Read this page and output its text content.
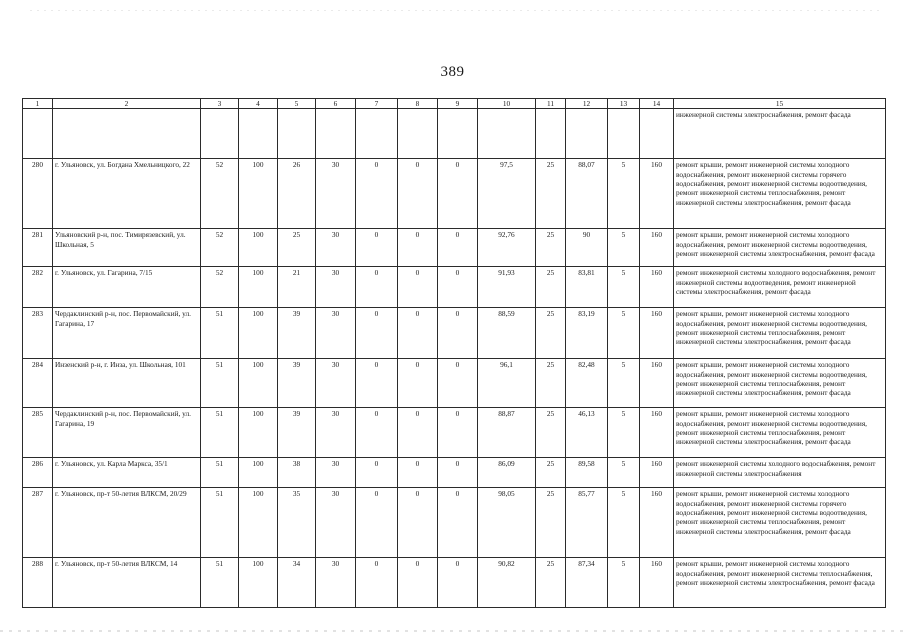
389
1	2	3	4	5	6	7	8	9	10	11	12	13	14	15
														инженерной системы электроснабжения, ремонт фасада
280	г. Ульяновск, ул. Богдана Хмельницкого, 22	52	100	26	30	0	0	0	97,5	25	88,07	5	160	ремонт крыши, ремонт инженерной системы холодного водоснабжения, ремонт инженерной системы горячего водоснабжения, ремонт инженерной системы водоотведения, ремонт инженерной системы теплоснабжения, ремонт инженерной системы электроснабжения, ремонт фасада
281	Ульяновский р-н, пос. Тимирязевский, ул. Школьная, 5	52	100	25	30	0	0	0	92,76	25	90	5	160	ремонт крыши, ремонт инженерной системы холодного водоснабжения, ремонт инженерной системы водоотведения, ремонт инженерной системы электроснабжения, ремонт фасада
282	г. Ульяновск, ул. Гагарина, 7/15	52	100	21	30	0	0	0	91,93	25	83,81	5	160	ремонт инженерной системы холодного водоснабжения, ремонт инженерной системы водоотведения, ремонт инженерной системы электроснабжения, ремонт фасада
283	Чердаклинский р-н, пос. Первомайский, ул. Гагарина, 17	51	100	39	30	0	0	0	88,59	25	83,19	5	160	ремонт крыши, ремонт инженерной системы холодного водоснабжения, ремонт инженерной системы водоотведения, ремонт инженерной системы теплоснабжения, ремонт инженерной системы электроснабжения, ремонт фасада
284	Инзенский р-н, г. Инза, ул. Школьная, 101	51	100	39	30	0	0	0	96,1	25	82,48	5	160	ремонт крыши, ремонт инженерной системы холодного водоснабжения, ремонт инженерной системы водоотведения, ремонт инженерной системы теплоснабжения, ремонт инженерной системы электроснабжения, ремонт фасада
285	Чердаклинский р-н, пос. Первомайский, ул. Гагарина, 19	51	100	39	30	0	0	0	88,87	25	46,13	5	160	ремонт крыши, ремонт инженерной системы холодного водоснабжения, ремонт инженерной системы водоотведения, ремонт инженерной системы теплоснабжения, ремонт инженерной системы электроснабжения, ремонт фасада
286	г. Ульяновск, ул. Карла Маркса, 35/1	51	100	38	30	0	0	0	86,09	25	89,58	5	160	ремонт инженерной системы холодного водоснабжения, ремонт инженерной системы электроснабжения
287	г. Ульяновск, пр-т 50-летия ВЛКСМ, 20/29	51	100	35	30	0	0	0	98,05	25	85,77	5	160	ремонт крыши, ремонт инженерной системы холодного водоснабжения, ремонт инженерной системы горячего водоснабжения, ремонт инженерной системы водоотведения, ремонт инженерной системы теплоснабжения, ремонт инженерной системы электроснабжения, ремонт фасада
288	г. Ульяновск, пр-т 50-летия ВЛКСМ, 14	51	100	34	30	0	0	0	90,82	25	87,34	5	160	ремонт крыши, ремонт инженерной системы холодного водоснабжения, ремонт инженерной системы теплоснабжения, ремонт инженерной системы электроснабжения, ремонт фасада
